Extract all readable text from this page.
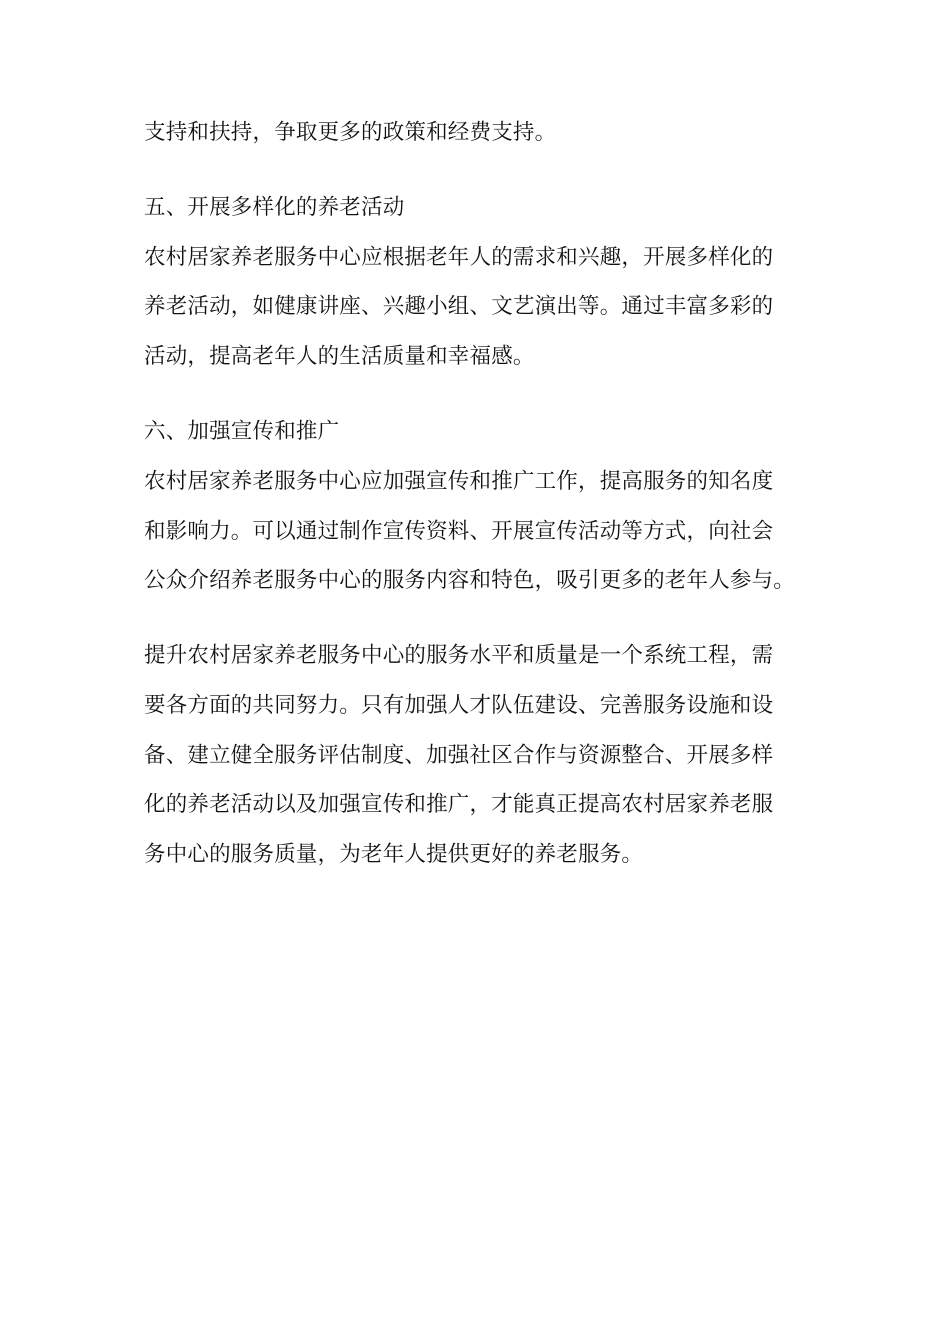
支持和扶持，争取更多的政策和经费支持。
五、开展多样化的养老活动
农村居家养老服务中心应根据老年人的需求和兴趣，开展多样化的
养老活动，如健康讲座、兴趣小组、文艺演出等。通过丰富多彩的
活动，提高老年人的生活质量和幸福感。
六、加强宣传和推广
农村居家养老服务中心应加强宣传和推广工作，提高服务的知名度
和影响力。可以通过制作宣传资料、开展宣传活动等方式，向社会
公众介绍养老服务中心的服务内容和特色，吸引更多的老年人参与。
提升农村居家养老服务中心的服务水平和质量是一个系统工程，需
要各方面的共同努力。只有加强人才队伍建设、完善服务设施和设
备、建立健全服务评估制度、加强社区合作与资源整合、开展多样
化的养老活动以及加强宣传和推广，才能真正提高农村居家养老服
务中心的服务质量，为老年人提供更好的养老服务。
